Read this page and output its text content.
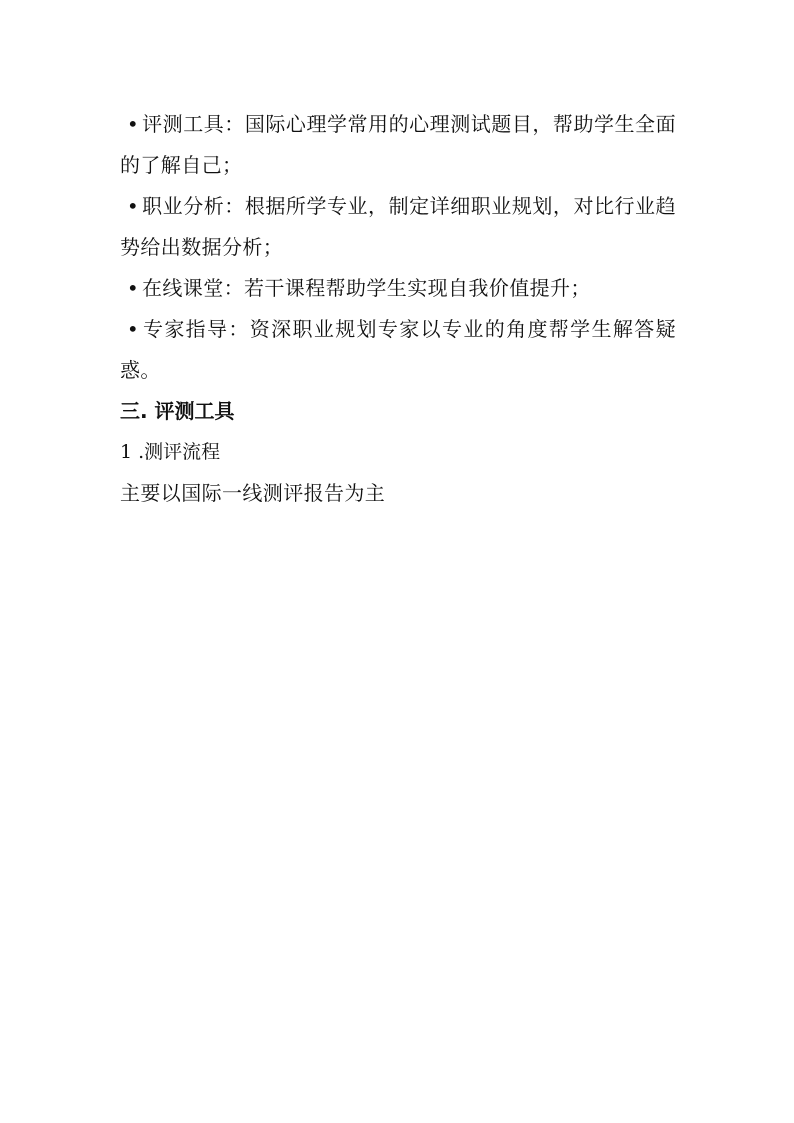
• 评测工具：国际心理学常用的心理测试题目，帮助学生全面的了解自己；

• 职业分析：根据所学专业，制定详细职业规划，对比行业趋势给出数据分析；

• 在线课堂：若干课程帮助学生实现自我价值提升；

• 专家指导：资深职业规划专家以专业的角度帮学生解答疑惑。

三. 评测工具

1 .测评流程

主要以国际一线测评报告为主
